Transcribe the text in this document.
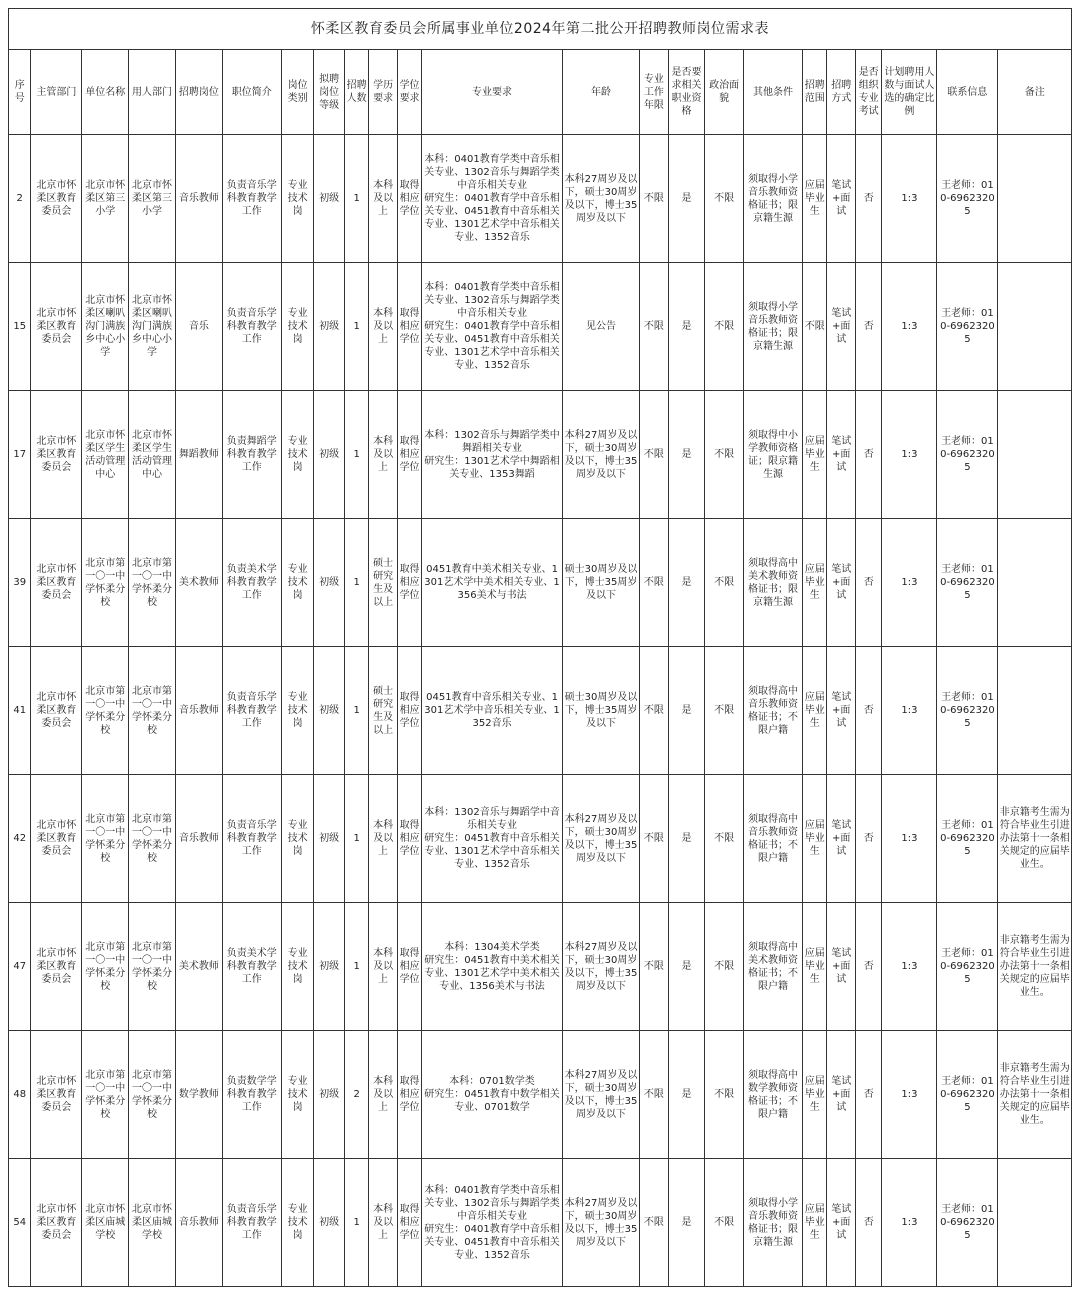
怀柔区教育委员会所属事业单位2024年第二批公开招聘教师岗位需求表																						
序号	主管部门	单位名称	用人部门	招聘岗位	职位简介	岗位类别	拟聘岗位等级	招聘人数	学历要求	学位要求	专业要求	年龄	专业工作年限	是否要求相关职业资格	政治面貌	其他条件	招聘范围	招聘方式	是否组织专业考试	计划聘用人数与面试人选的确定比例	联系信息	备注
2	北京市怀柔区教育委员会	北京市怀柔区第三小学	北京市怀柔区第三小学	音乐教师	负责音乐学科教育教学工作	专业技术岗	初级	1	本科及以上	取得相应学位	本科：0401教育学类中音乐相关专业、1302音乐与舞蹈学类中音乐相关专业
研究生：0401教育学中音乐相关专业、0451教育中音乐相关专业、1301艺术学中音乐相关专业、1352音乐	本科27周岁及以下，硕士30周岁及以下，博士35周岁及以下	不限	是	不限	须取得小学音乐教师资格证书；限京籍生源	应届毕业生	笔试+面试	否	1:3	王老师：010-69623205	
15	北京市怀柔区教育委员会	北京市怀柔区喇叭沟门满族乡中心小学	北京市怀柔区喇叭沟门满族乡中心小学	音乐	负责音乐学科教育教学工作	专业技术岗	初级	1	本科及以上	取得相应学位	本科：0401教育学类中音乐相关专业、1302音乐与舞蹈学类中音乐相关专业
研究生：0401教育学中音乐相关专业、0451教育中音乐相关专业、1301艺术学中音乐相关专业、1352音乐	见公告	不限	是	不限	须取得小学音乐教师资格证书；限京籍生源	不限	笔试+面试	否	1:3	王老师：010-69623205	
17	北京市怀柔区教育委员会	北京市怀柔区学生活动管理中心	北京市怀柔区学生活动管理中心	舞蹈教师	负责舞蹈学科教育教学工作	专业技术岗	初级	1	本科及以上	取得相应学位	本科：1302音乐与舞蹈学类中舞蹈相关专业
研究生：1301艺术学中舞蹈相关专业、1353舞蹈	本科27周岁及以下，硕士30周岁及以下，博士35周岁及以下	不限	是	不限	须取得中小学教师资格证；限京籍生源	应届毕业生	笔试+面试	否	1:3	王老师：010-69623205	
39	北京市怀柔区教育委员会	北京市第一〇一中学怀柔分校	北京市第一〇一中学怀柔分校	美术教师	负责美术学科教育教学工作	专业技术岗	初级	1	硕士研究生及以上	取得相应学位	0451教育中美术相关专业、1301艺术学中美术相关专业、1356美术与书法	硕士30周岁及以下，博士35周岁及以下	不限	是	不限	须取得高中美术教师资格证书；限京籍生源	应届毕业生	笔试+面试	否	1:3	王老师：010-69623205	
41	北京市怀柔区教育委员会	北京市第一〇一中学怀柔分校	北京市第一〇一中学怀柔分校	音乐教师	负责音乐学科教育教学工作	专业技术岗	初级	1	硕士研究生及以上	取得相应学位	0451教育中音乐相关专业、1301艺术学中音乐相关专业、1352音乐	硕士30周岁及以下，博士35周岁及以下	不限	是	不限	须取得高中音乐教师资格证书；不限户籍	应届毕业生	笔试+面试	否	1:3	王老师：010-69623205	
42	北京市怀柔区教育委员会	北京市第一〇一中学怀柔分校	北京市第一〇一中学怀柔分校	音乐教师	负责音乐学科教育教学工作	专业技术岗	初级	1	本科及以上	取得相应学位	本科：1302音乐与舞蹈学中音乐相关专业
研究生：0451教育中音乐相关专业、1301艺术学中音乐相关专业、1352音乐	本科27周岁及以下，硕士30周岁及以下，博士35周岁及以下	不限	是	不限	须取得高中音乐教师资格证书；不限户籍	应届毕业生	笔试+面试	否	1:3	王老师：010-69623205	非京籍考生需为符合毕业生引进办法第十一条相关规定的应届毕业生。
47	北京市怀柔区教育委员会	北京市第一〇一中学怀柔分校	北京市第一〇一中学怀柔分校	美术教师	负责美术学科教育教学工作	专业技术岗	初级	1	本科及以上	取得相应学位	本科：1304美术学类
研究生：0451教育中美术相关专业、1301艺术学中美术相关专业、1356美术与书法	本科27周岁及以下，硕士30周岁及以下，博士35周岁及以下	不限	是	不限	须取得高中美术教师资格证书；不限户籍	应届毕业生	笔试+面试	否	1:3	王老师：010-69623205	非京籍考生需为符合毕业生引进办法第十一条相关规定的应届毕业生。
48	北京市怀柔区教育委员会	北京市第一〇一中学怀柔分校	北京市第一〇一中学怀柔分校	数学教师	负责数学学科教育教学工作	专业技术岗	初级	2	本科及以上	取得相应学位	本科：0701数学类
研究生：0451教育中数学相关专业、0701数学	本科27周岁及以下，硕士30周岁及以下，博士35周岁及以下	不限	是	不限	须取得高中数学教师资格证书；不限户籍	应届毕业生	笔试+面试	否	1:3	王老师：010-69623205	非京籍考生需为符合毕业生引进办法第十一条相关规定的应届毕业生。
54	北京市怀柔区教育委员会	北京市怀柔区庙城学校	北京市怀柔区庙城学校	音乐教师	负责音乐学科教育教学工作	专业技术岗	初级	1	本科及以上	取得相应学位	本科：0401教育学类中音乐相关专业、1302音乐与舞蹈学类中音乐相关专业
研究生：0401教育学中音乐相关专业、0451教育中音乐相关专业、1352音乐	本科27周岁及以下，硕士30周岁及以下，博士35周岁及以下	不限	是	不限	须取得小学音乐教师资格证书；限京籍生源	应届毕业生	笔试+面试	否	1:3	王老师：010-69623205	
